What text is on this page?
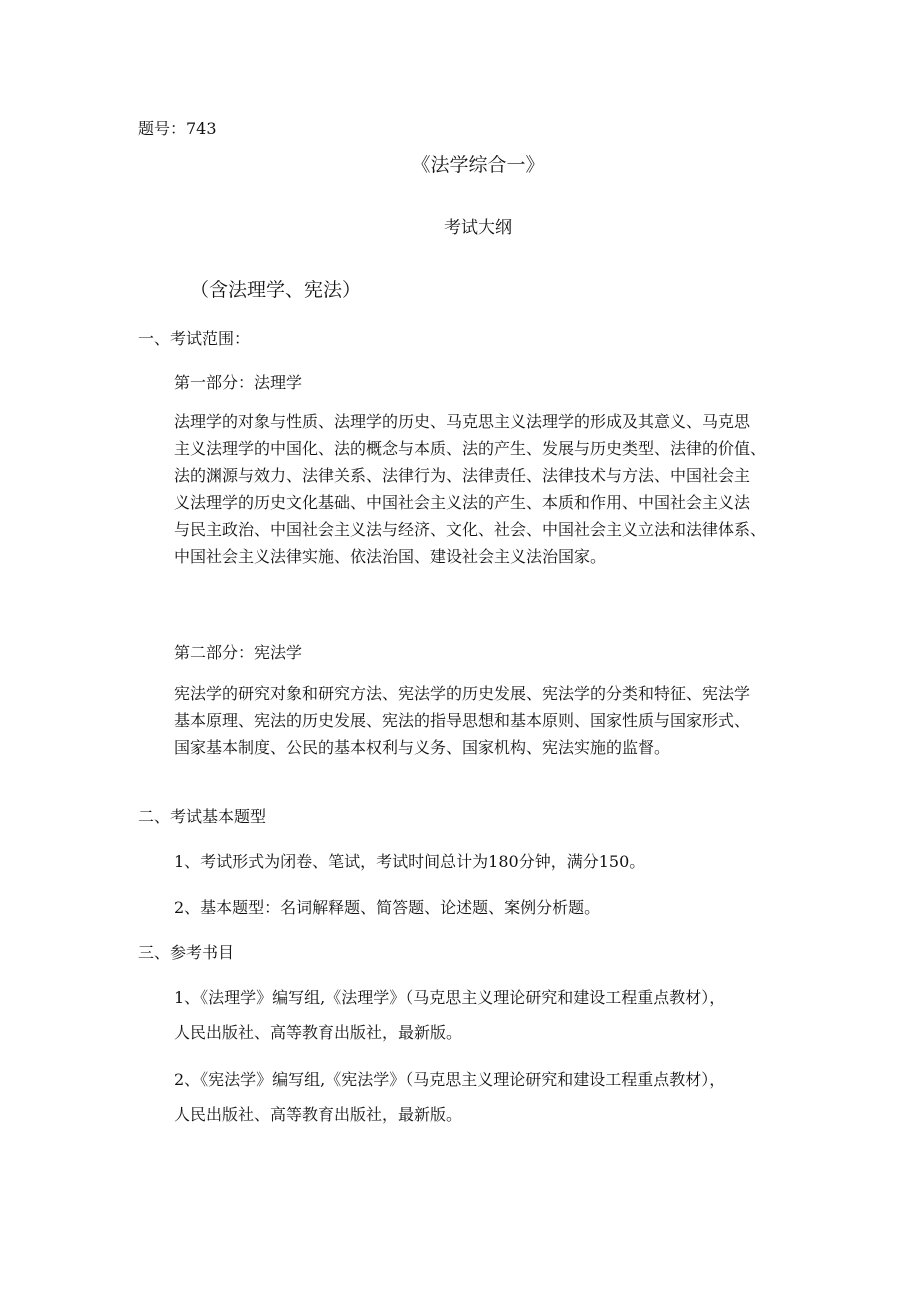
题号：743
《法学综合一》
考试大纲
（含法理学、宪法）
一、考试范围：
第一部分：法理学
法理学的对象与性质、法理学的历史、马克思主义法理学的形成及其意义、马克思
主义法理学的中国化、法的概念与本质、法的产生、发展与历史类型、法律的价值、
法的渊源与效力、法律关系、法律行为、法律责任、法律技术与方法、中国社会主
义法理学的历史文化基础、中国社会主义法的产生、本质和作用、中国社会主义法
与民主政治、中国社会主义法与经济、文化、社会、中国社会主义立法和法律体系、
中国社会主义法律实施、依法治国、建设社会主义法治国家。
第二部分：宪法学
宪法学的研究对象和研究方法、宪法学的历史发展、宪法学的分类和特征、宪法学
基本原理、宪法的历史发展、宪法的指导思想和基本原则、国家性质与国家形式、
国家基本制度、公民的基本权利与义务、国家机构、宪法实施的监督。
二、考试基本题型
1、考试形式为闭卷、笔试，考试时间总计为180分钟，满分150。
2、基本题型：名词解释题、简答题、论述题、案例分析题。
三、参考书目
1、《法理学》编写组,《法理学》（马克思主义理论研究和建设工程重点教材），
人民出版社、高等教育出版社，最新版。
2、《宪法学》编写组,《宪法学》（马克思主义理论研究和建设工程重点教材），
人民出版社、高等教育出版社，最新版。
